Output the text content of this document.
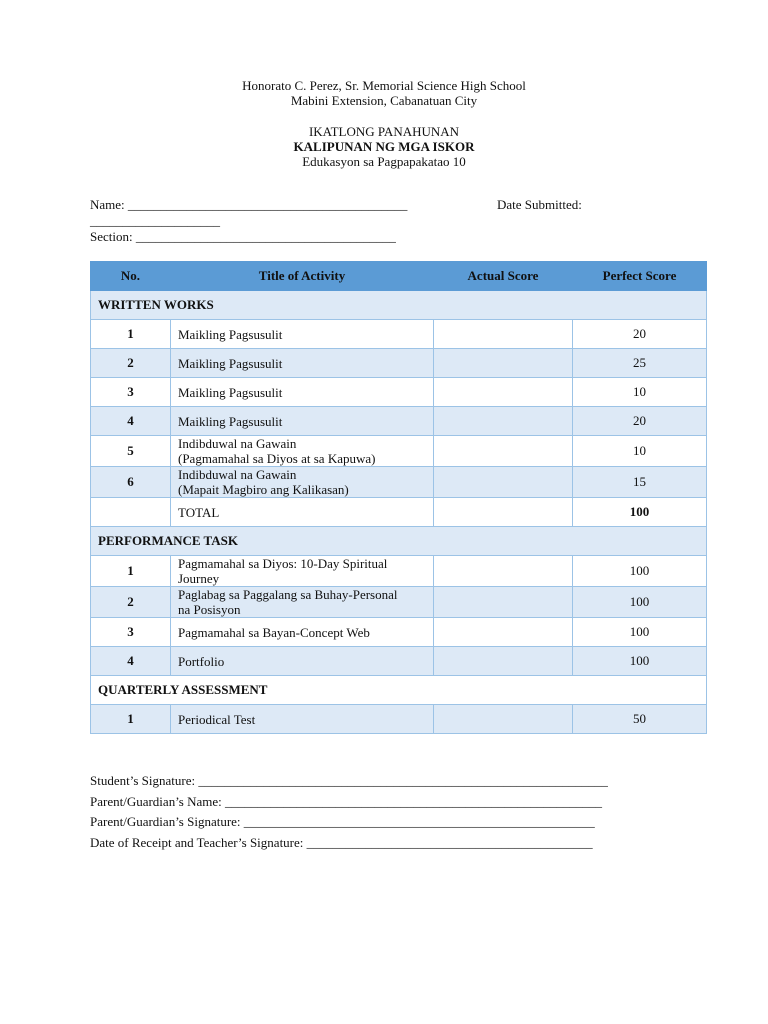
Honorato C. Perez, Sr. Memorial Science High School
Mabini Extension, Cabanatuan City
IKATLONG PANAHUNAN
KALIPUNAN NG MGA ISKOR
Edukasyon sa Pagpapakatao 10
Name: ___________________________________________	Date Submitted:
____________________
Section: ________________________________________
No.	Title of Activity	Actual Score	Perfect Score
WRITTEN WORKS			
1	Maikling Pagsusulit		20
2	Maikling Pagsusulit		25
3	Maikling Pagsusulit		10
4	Maikling Pagsusulit		20
5	Indibduwal na Gawain
(Pagmamahal sa Diyos at sa Kapuwa)		10
6	Indibduwal na Gawain
(Mapait Magbiro ang Kalikasan)		15
	TOTAL		100
PERFORMANCE TASK			
1	Pagmamahal sa Diyos: 10-Day Spiritual
Journey		100
2	Paglabag sa Paggalang sa Buhay-Personal
na Posisyon		100
3	Pagmamahal sa Bayan-Concept Web		100
4	Portfolio		100
QUARTERLY ASSESSMENT			
1	Periodical Test		50
Student’s Signature: _______________________________________________________________
Parent/Guardian’s Name: __________________________________________________________
Parent/Guardian’s Signature: ______________________________________________________
Date of Receipt and Teacher’s Signature: ____________________________________________
